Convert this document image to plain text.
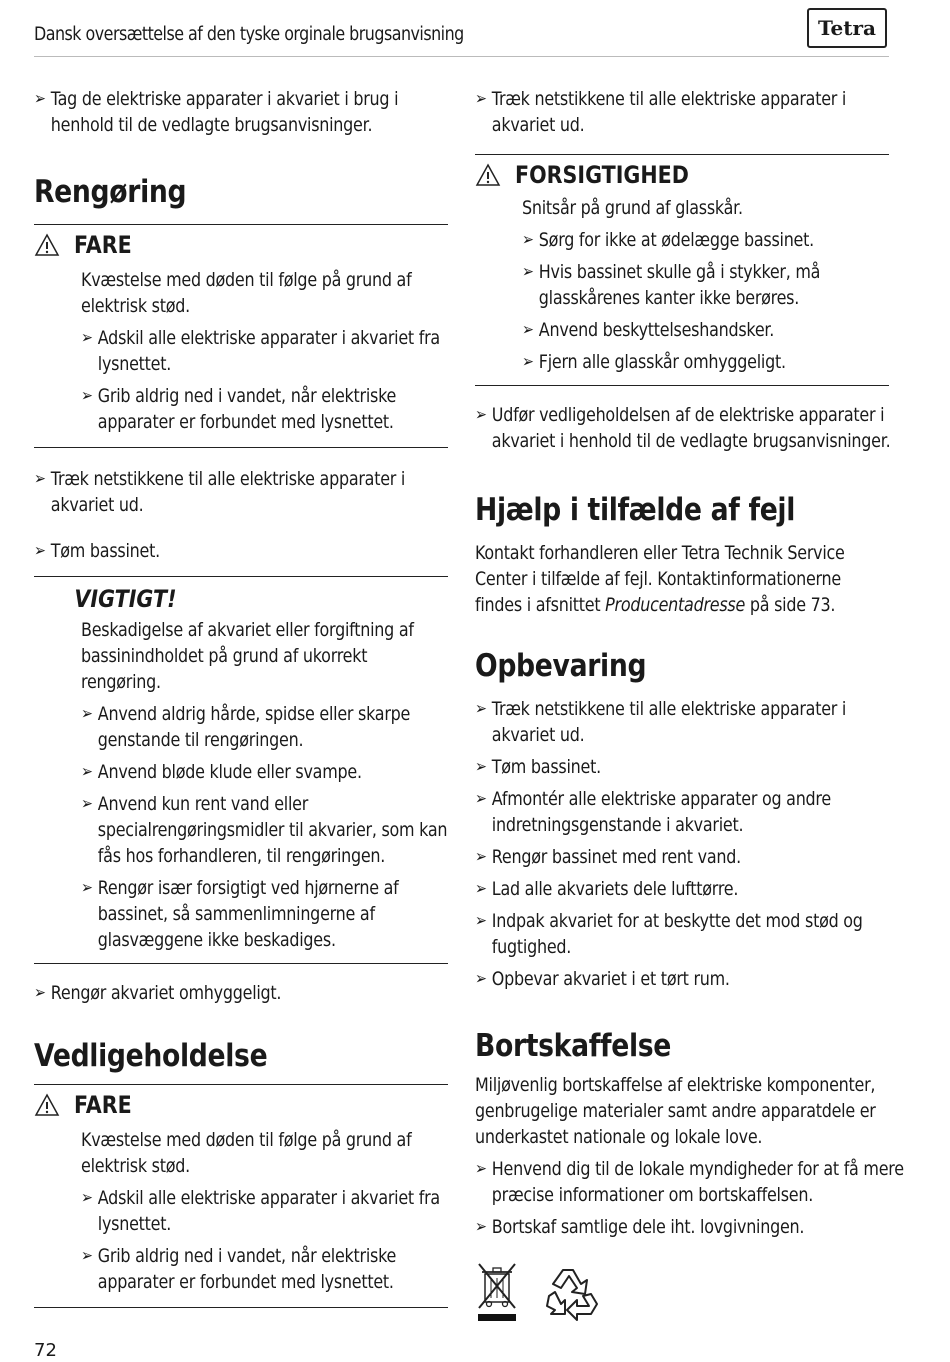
Dansk oversættelse af den tyske orginale brugsanvisning	Tetra
➢ Tag de elektriske apparater i akvariet i brug i henhold til de vedlagte brugsanvisninger.
Rengøring
FARE
Kvæstelse med døden til følge på grund af elektrisk stød.
➢ Adskil alle elektriske apparater i akvariet fra lysnettet.
➢ Grib aldrig ned i vandet, når elektriske apparater er forbundet med lysnettet.
➢ Træk netstikkene til alle elektriske apparater i akvariet ud.
➢ Tøm bassinet.
VIGTIGT!
Beskadigelse af akvariet eller forgiftning af bassinindholdet på grund af ukorrekt rengøring.
➢ Anvend aldrig hårde, spidse eller skarpe genstande til rengøringen.
➢ Anvend bløde klude eller svampe.
➢ Anvend kun rent vand eller specialrengøringsmidler til akvarier, som kan fås hos forhandleren, til rengøringen.
➢ Rengør især forsigtigt ved hjørnerne af bassinet, så sammenlimningerne af glasvæggene ikke beskadiges.
➢ Rengør akvariet omhyggeligt.
Vedligeholdelse
FARE
Kvæstelse med døden til følge på grund af elektrisk stød.
➢ Adskil alle elektriske apparater i akvariet fra lysnettet.
➢ Grib aldrig ned i vandet, når elektriske apparater er forbundet med lysnettet.
➢ Træk netstikkene til alle elektriske apparater i akvariet ud.
FORSIGTIGHED
Snitsår på grund af glasskår.
➢ Sørg for ikke at ødelægge bassinet.
➢ Hvis bassinet skulle gå i stykker, må glasskårenes kanter ikke berøres.
➢ Anvend beskyttelseshandsker.
➢ Fjern alle glasskår omhyggeligt.
➢ Udfør vedligeholdelsen af de elektriske apparater i akvariet i henhold til de vedlagte brugsanvisninger.
Hjælp i tilfælde af fejl
Kontakt forhandleren eller Tetra Technik Service Center i tilfælde af fejl. Kontaktinformationerne findes i afsnittet Producentadresse på side 73.
Opbevaring
➢ Træk netstikkene til alle elektriske apparater i akvariet ud.
➢ Tøm bassinet.
➢ Afmontér alle elektriske apparater og andre indretningsgenstande i akvariet.
➢ Rengør bassinet med rent vand.
➢ Lad alle akvariets dele lufttørre.
➢ Indpak akvariet for at beskytte det mod stød og fugtighed.
➢ Opbevar akvariet i et tørt rum.
Bortskaffelse
Miljøvenlig bortskaffelse af elektriske komponenter, genbrugelige materialer samt andre apparatdele er underkastet nationale og lokale love.
➢ Henvend dig til de lokale myndigheder for at få mere præcise informationer om bortskaffelsen.
➢ Bortskaf samtlige dele iht. lovgivningen.
72
